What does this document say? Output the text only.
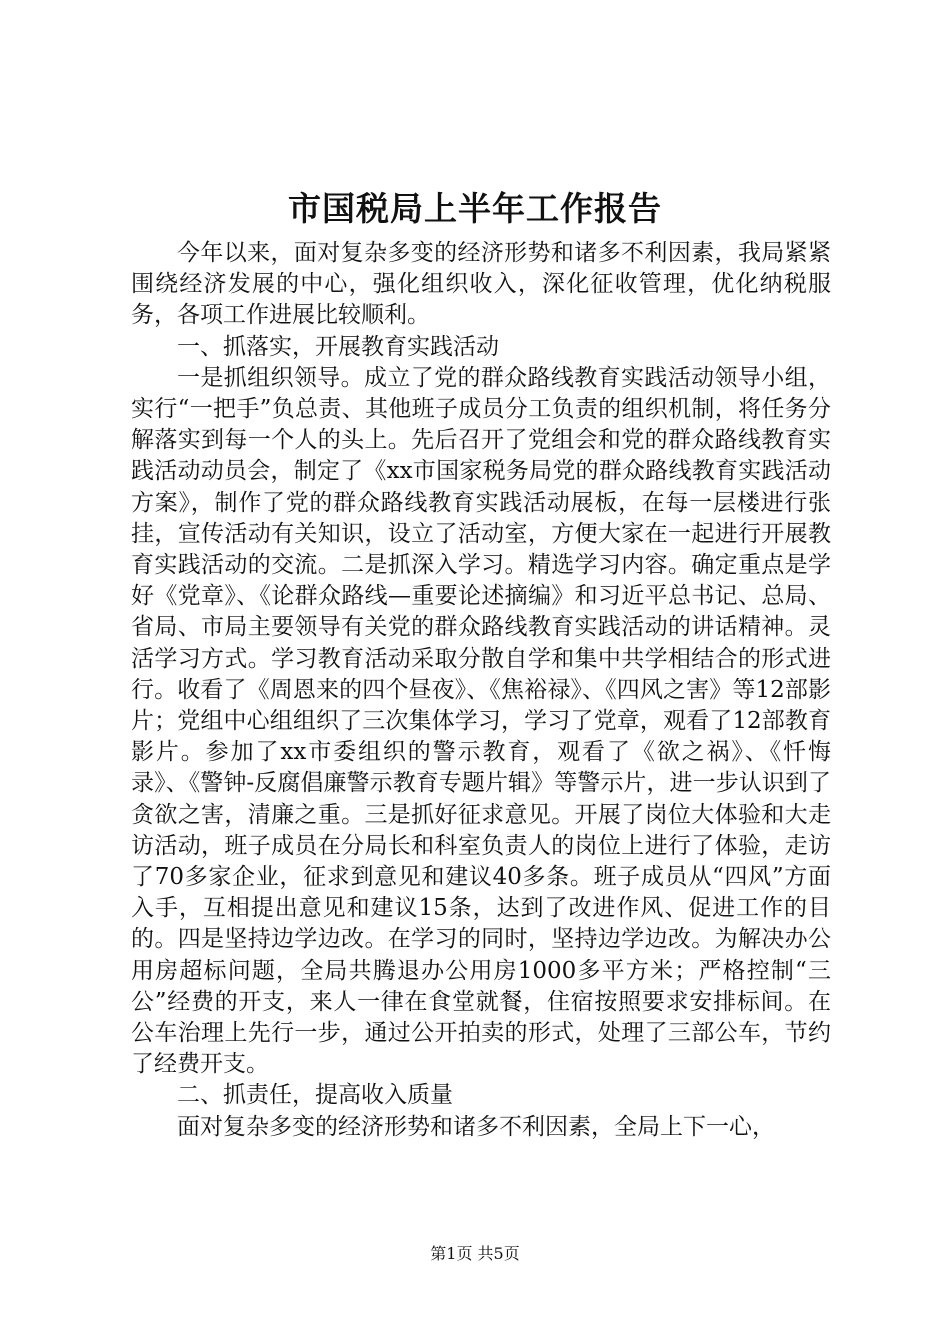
市国税局上半年工作报告

今年以来，面对复杂多变的经济形势和诸多不利因素，我局紧紧围绕经济发展的中心，强化组织收入，深化征收管理，优化纳税服务，各项工作进展比较顺利。

一、抓落实，开展教育实践活动

一是抓组织领导。成立了党的群众路线教育实践活动领导小组，实行“一把手”负总责、其他班子成员分工负责的组织机制，将任务分解落实到每一个人的头上。先后召开了党组会和党的群众路线教育实践活动动员会，制定了《xx市国家税务局党的群众路线教育实践活动方案》，制作了党的群众路线教育实践活动展板，在每一层楼进行张挂，宣传活动有关知识，设立了活动室，方便大家在一起进行开展教育实践活动的交流。二是抓深入学习。精选学习内容。确定重点是学好《党章》、《论群众路线—重要论述摘编》和习近平总书记、总局、省局、市局主要领导有关党的群众路线教育实践活动的讲话精神。灵活学习方式。学习教育活动采取分散自学和集中共学相结合的形式进行。收看了《周恩来的四个昼夜》、《焦裕禄》、《四风之害》等12部影片；党组中心组组织了三次集体学习，学习了党章，观看了12部教育影片。参加了xx市委组织的警示教育，观看了《欲之祸》、《忏悔录》、《警钟-反腐倡廉警示教育专题片辑》等警示片，进一步认识到了贪欲之害，清廉之重。三是抓好征求意见。开展了岗位大体验和大走访活动，班子成员在分局长和科室负责人的岗位上进行了体验，走访了70多家企业，征求到意见和建议40多条。班子成员从“四风”方面入手，互相提出意见和建议15条，达到了改进作风、促进工作的目的。四是坚持边学边改。在学习的同时，坚持边学边改。为解决办公用房超标问题，全局共腾退办公用房1000多平方米；严格控制“三公”经费的开支，来人一律在食堂就餐，住宿按照要求安排标间。在公车治理上先行一步，通过公开拍卖的形式，处理了三部公车，节约了经费开支。

二、抓责任，提高收入质量

面对复杂多变的经济形势和诸多不利因素，全局上下一心，

第1页 共5页
